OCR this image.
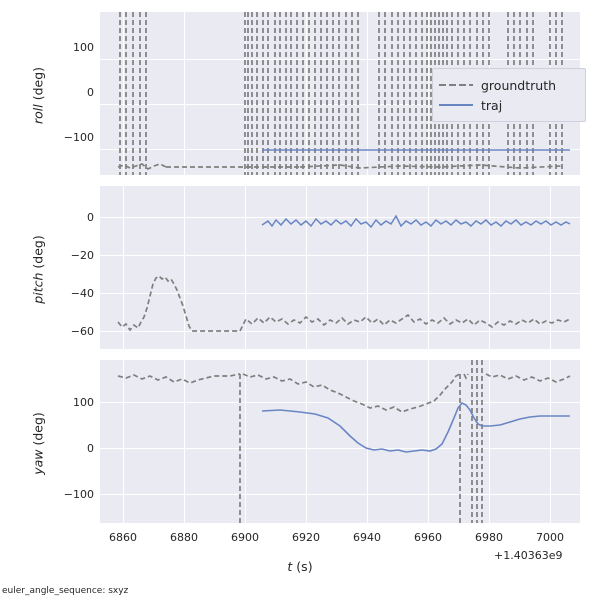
roll (deg)
100
0
−100
groundtruth
traj
pitch (deg)
0
−20
−40
−60
yaw (deg)
100
0
−100
6860	6880	6900	6920	6940	6960	6980	7000
+1.40363e9
t (s)
euler_angle_sequence: sxyz
